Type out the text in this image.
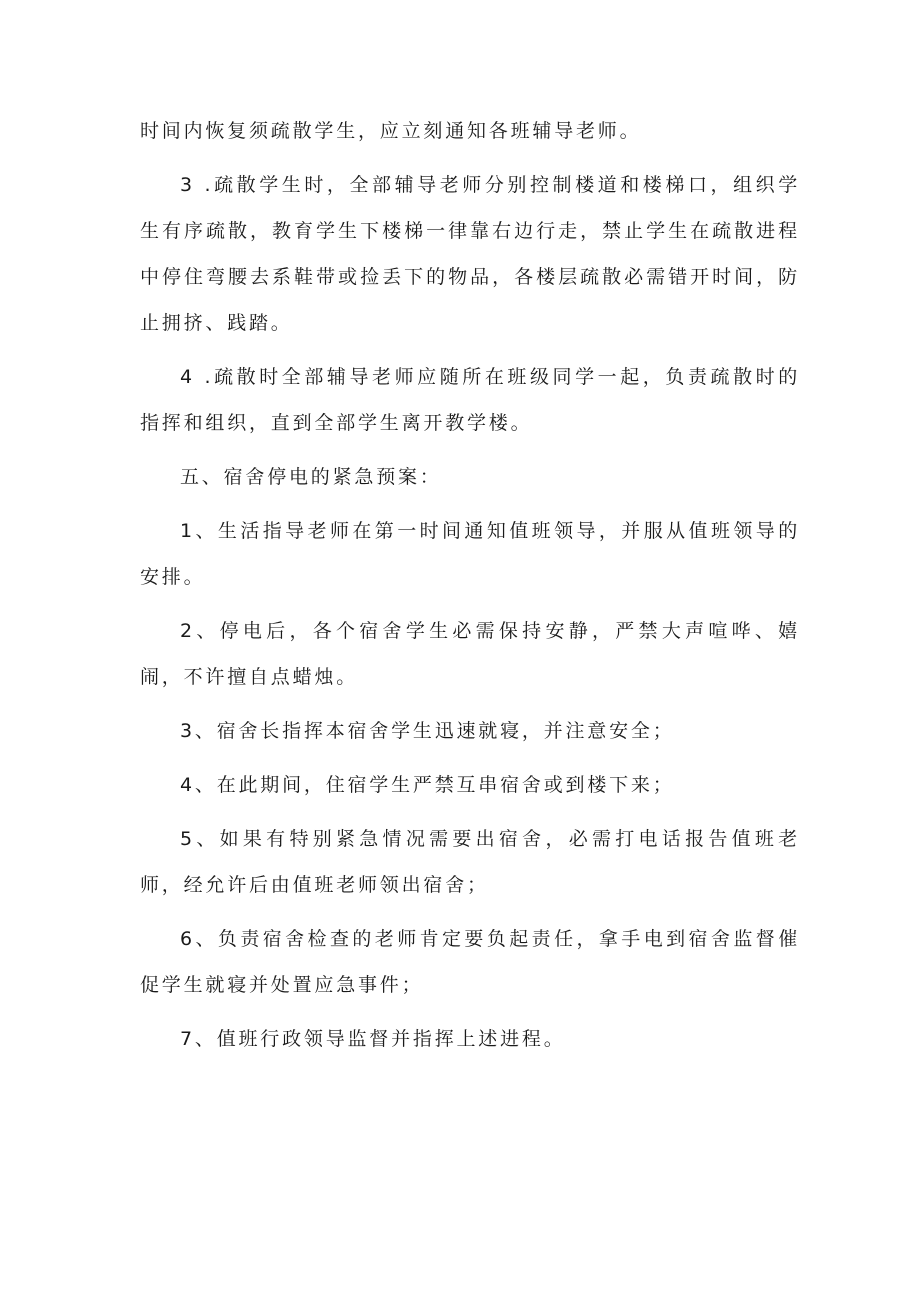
时间内恢复须疏散学生，应立刻通知各班辅导老师。

3 .疏散学生时，全部辅导老师分别控制楼道和楼梯口，组织学生有序疏散，教育学生下楼梯一律靠右边行走，禁止学生在疏散进程中停住弯腰去系鞋带或捡丢下的物品，各楼层疏散必需错开时间，防止拥挤、践踏。

4 .疏散时全部辅导老师应随所在班级同学一起，负责疏散时的指挥和组织，直到全部学生离开教学楼。

五、宿舍停电的紧急预案：

1、生活指导老师在第一时间通知值班领导，并服从值班领导的安排。

2、停电后，各个宿舍学生必需保持安静，严禁大声喧哗、嬉闹，不许擅自点蜡烛。

3、宿舍长指挥本宿舍学生迅速就寝，并注意安全；

4、在此期间，住宿学生严禁互串宿舍或到楼下来；

5、如果有特别紧急情况需要出宿舍，必需打电话报告值班老师，经允许后由值班老师领出宿舍；

6、负责宿舍检查的老师肯定要负起责任，拿手电到宿舍监督催促学生就寝并处置应急事件；

7、值班行政领导监督并指挥上述进程。
